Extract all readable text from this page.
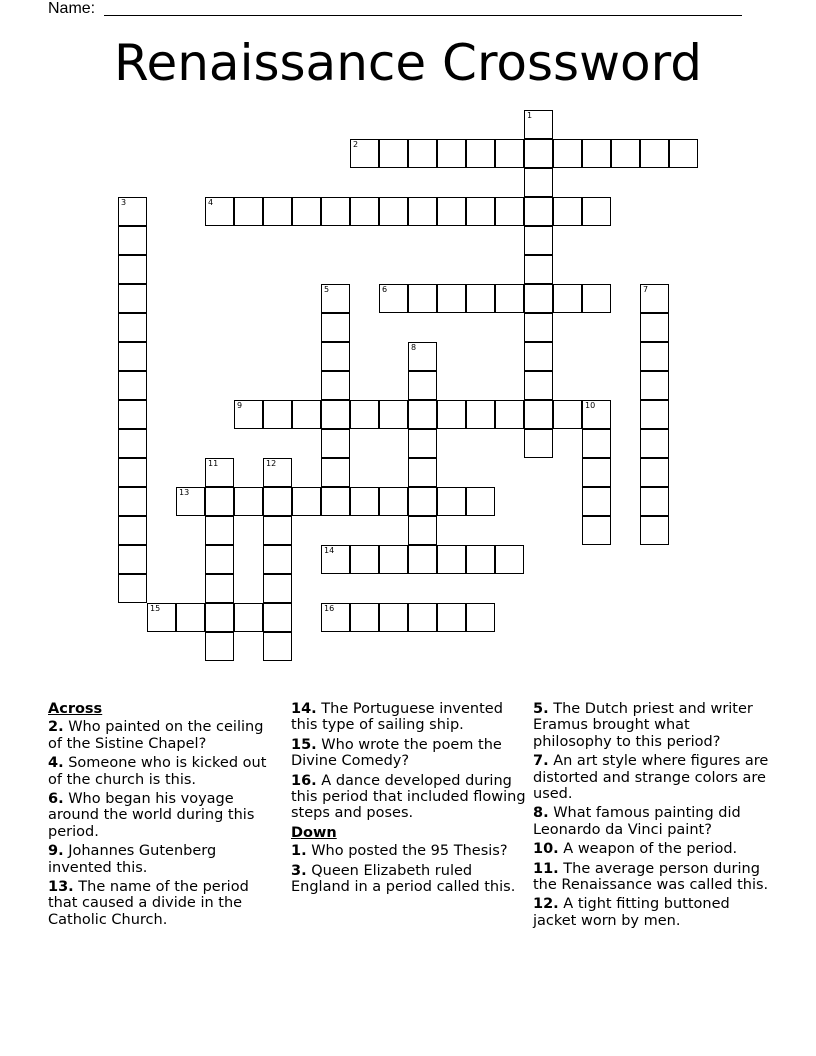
Name:
Renaissance Crossword
1
2
3	4
5	6	7
8
9	10
11	12
13
14
15	16
Across
2. Who painted on the ceiling of the Sistine Chapel?
4. Someone who is kicked out of the church is this.
6. Who began his voyage around the world during this period.
9. Johannes Gutenberg invented this.
13. The name of the period that caused a divide in the Catholic Church.
14. The Portuguese invented this type of sailing ship.
15. Who wrote the poem the Divine Comedy?
16. A dance developed during this period that included flowing steps and poses.
Down
1. Who posted the 95 Thesis?
3. Queen Elizabeth ruled England in a period called this.
5. The Dutch priest and writer Eramus brought what philosophy to this period?
7. An art style where figures are distorted and strange colors are used.
8. What famous painting did Leonardo da Vinci paint?
10. A weapon of the period.
11. The average person during the Renaissance was called this.
12. A tight fitting buttoned jacket worn by men.
